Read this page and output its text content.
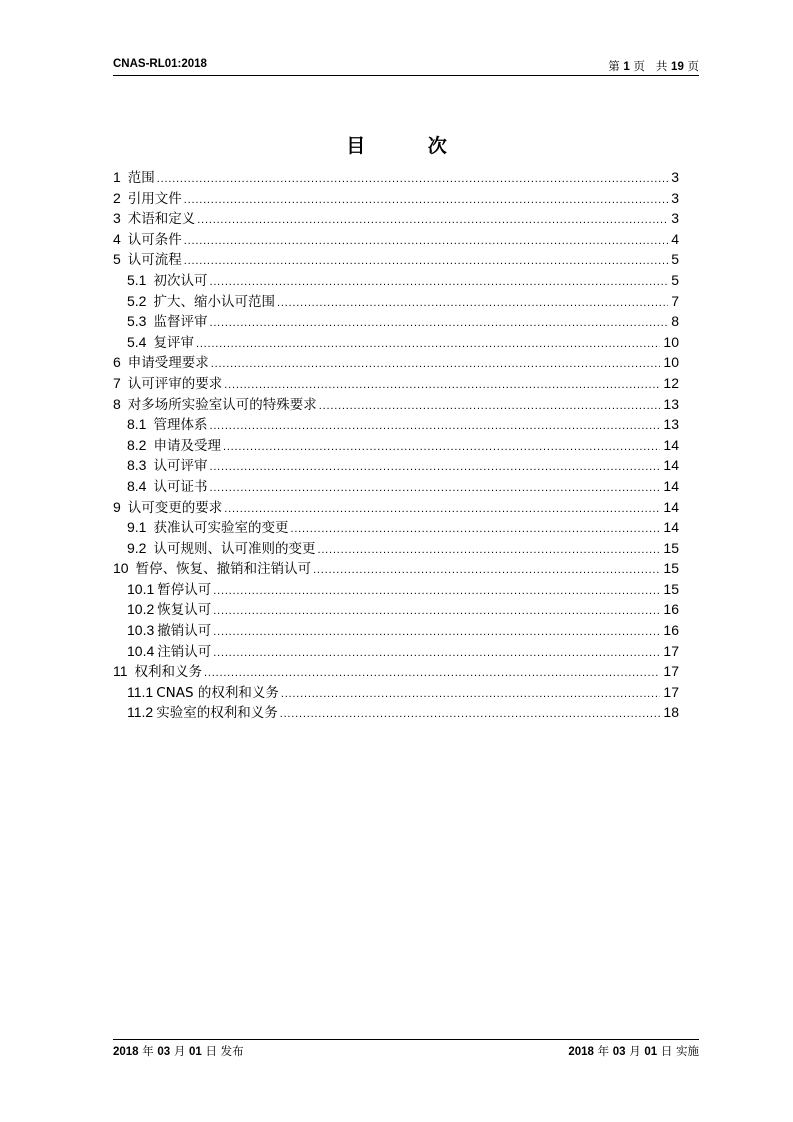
CNAS-RL01:2018	第 1 页 共 19 页
目 次
1 范围 .....	3
2 引用文件 .....	3
3 术语和定义 .....	3
4 认可条件 .....	4
5 认可流程 .....	5
5.1 初次认可 .....	5
5.2 扩大、缩小认可范围 .....	7
5.3 监督评审 .....	8
5.4 复评审 .....	10
6 申请受理要求 .....	10
7 认可评审的要求 .....	12
8 对多场所实验室认可的特殊要求 .....	13
8.1 管理体系 .....	13
8.2 申请及受理 .....	14
8.3 认可评审 .....	14
8.4 认可证书 .....	14
9 认可变更的要求 .....	14
9.1 获准认可实验室的变更 .....	14
9.2 认可规则、认可准则的变更 .....	15
10 暂停、恢复、撤销和注销认可 .....	15
10.1 暂停认可 .....	15
10.2 恢复认可 .....	16
10.3 撤销认可 .....	16
10.4 注销认可 .....	17
11 权利和义务 .....	17
11.1 CNAS 的权利和义务 .....	17
11.2 实验室的权利和义务 .....	18
2018 年 03 月 01 日 发布	2018 年 03 月 01 日 实施
